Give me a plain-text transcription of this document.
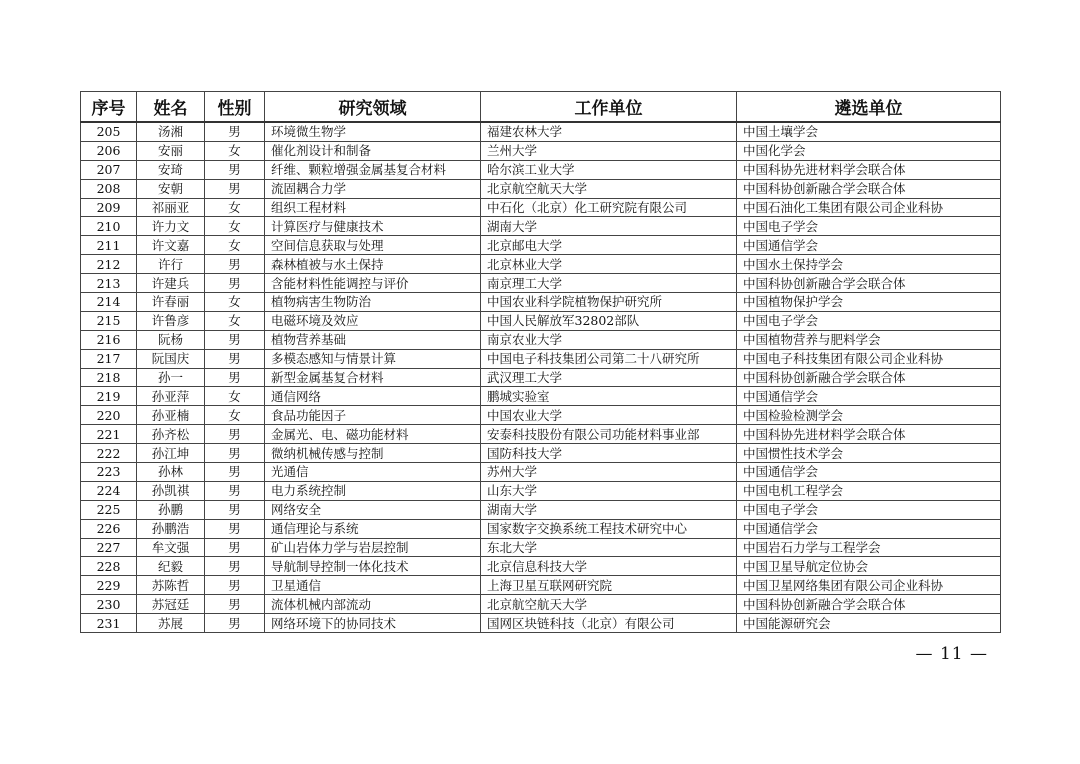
序号	姓名	性别	研究领域	工作单位	遴选单位
205	汤湘	男	环境微生物学	福建农林大学	中国土壤学会
206	安丽	女	催化剂设计和制备	兰州大学	中国化学会
207	安琦	男	纤维、颗粒增强金属基复合材料	哈尔滨工业大学	中国科协先进材料学会联合体
208	安朝	男	流固耦合力学	北京航空航天大学	中国科协创新融合学会联合体
209	祁丽亚	女	组织工程材料	中石化（北京）化工研究院有限公司	中国石油化工集团有限公司企业科协
210	许力文	女	计算医疗与健康技术	湖南大学	中国电子学会
211	许文嘉	女	空间信息获取与处理	北京邮电大学	中国通信学会
212	许行	男	森林植被与水土保持	北京林业大学	中国水土保持学会
213	许建兵	男	含能材料性能调控与评价	南京理工大学	中国科协创新融合学会联合体
214	许春丽	女	植物病害生物防治	中国农业科学院植物保护研究所	中国植物保护学会
215	许鲁彦	女	电磁环境及效应	中国人民解放军32802部队	中国电子学会
216	阮杨	男	植物营养基础	南京农业大学	中国植物营养与肥料学会
217	阮国庆	男	多模态感知与情景计算	中国电子科技集团公司第二十八研究所	中国电子科技集团有限公司企业科协
218	孙一	男	新型金属基复合材料	武汉理工大学	中国科协创新融合学会联合体
219	孙亚萍	女	通信网络	鹏城实验室	中国通信学会
220	孙亚楠	女	食品功能因子	中国农业大学	中国检验检测学会
221	孙齐松	男	金属光、电、磁功能材料	安泰科技股份有限公司功能材料事业部	中国科协先进材料学会联合体
222	孙江坤	男	微纳机械传感与控制	国防科技大学	中国惯性技术学会
223	孙林	男	光通信	苏州大学	中国通信学会
224	孙凯祺	男	电力系统控制	山东大学	中国电机工程学会
225	孙鹏	男	网络安全	湖南大学	中国电子学会
226	孙鹏浩	男	通信理论与系统	国家数字交换系统工程技术研究中心	中国通信学会
227	牟文强	男	矿山岩体力学与岩层控制	东北大学	中国岩石力学与工程学会
228	纪毅	男	导航制导控制一体化技术	北京信息科技大学	中国卫星导航定位协会
229	苏陈哲	男	卫星通信	上海卫星互联网研究院	中国卫星网络集团有限公司企业科协
230	苏冠廷	男	流体机械内部流动	北京航空航天大学	中国科协创新融合学会联合体
231	苏展	男	网络环境下的协同技术	国网区块链科技（北京）有限公司	中国能源研究会
— 11 —
